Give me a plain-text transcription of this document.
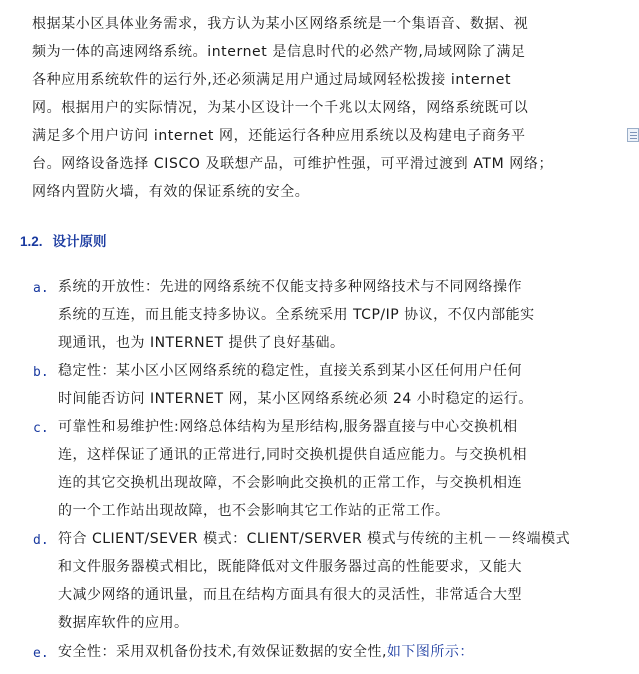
根据某小区具体业务需求，我方认为某小区网络系统是一个集语音、数据、视
频为一体的高速网络系统。internet 是信息时代的必然产物,局域网除了满足
各种应用系统软件的运行外,还必须满足用户通过局域网轻松拨接 internet
网。根据用户的实际情况，为某小区设计一个千兆以太网络，网络系统既可以
满足多个用户访问 internet 网，还能运行各种应用系统以及构建电子商务平
台。网络设备选择 CISCO 及联想产品，可维护性强，可平滑过渡到 ATM 网络；
网络内置防火墙，有效的保证系统的安全。
1.2. 设计原则
a. 系统的开放性：先进的网络系统不仅能支持多种网络技术与不同网络操作
系统的互连，而且能支持多协议。全系统采用 TCP/IP 协议，不仅内部能实
现通讯，也为 INTERNET 提供了良好基础。
b. 稳定性：某小区小区网络系统的稳定性，直接关系到某小区任何用户任何
时间能否访问 INTERNET 网，某小区网络系统必须 24 小时稳定的运行。
c. 可靠性和易维护性:网络总体结构为星形结构,服务器直接与中心交换机相
连，这样保证了通讯的正常进行,同时交换机提供自适应能力。与交换机相
连的其它交换机出现故障，不会影响此交换机的正常工作，与交换机相连
的一个工作站出现故障，也不会影响其它工作站的正常工作。
d. 符合 CLIENT/SEVER 模式：CLIENT/SERVER 模式与传统的主机－－终端模式
和文件服务器模式相比，既能降低对文件服务器过高的性能要求，又能大
大减少网络的通讯量，而且在结构方面具有很大的灵活性，非常适合大型
数据库软件的应用。
e. 安全性：采用双机备份技术,有效保证数据的安全性,如下图所示：
